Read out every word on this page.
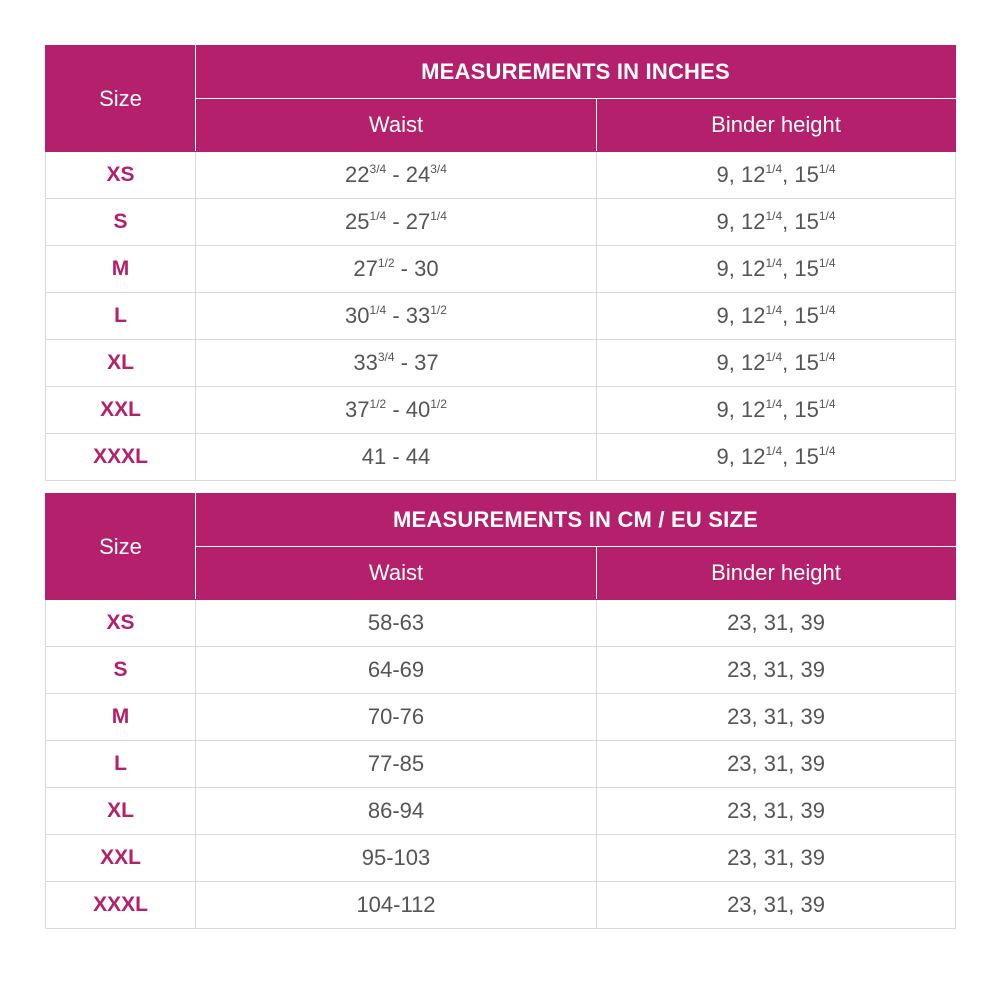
Size	MEASUREMENTS IN INCHES	
	Waist	Binder height
XS	$22^{3/4} - 24^{3/4}$	9, $12^{1/4}$, $15^{1/4}$
S	$25^{1/4} - 27^{1/4}$	9, $12^{1/4}$, $15^{1/4}$
M	$27^{1/2} - 30$	9, $12^{1/4}$, $15^{1/4}$
L	$30^{1/4} - 33^{1/2}$	9, $12^{1/4}$, $15^{1/4}$
XL	$33^{3/4} - 37$	9, $12^{1/4}$, $15^{1/4}$
XXL	$37^{1/2} - 40^{1/2}$	9, $12^{1/4}$, $15^{1/4}$
XXXL	41 - 44	9, $12^{1/4}$, $15^{1/4}$
Size	MEASUREMENTS IN CM / EU SIZE	
	Waist	Binder height
XS	58-63	23, 31, 39
S	64-69	23, 31, 39
M	70-76	23, 31, 39
L	77-85	23, 31, 39
XL	86-94	23, 31, 39
XXL	95-103	23, 31, 39
XXXL	104-112	23, 31, 39
